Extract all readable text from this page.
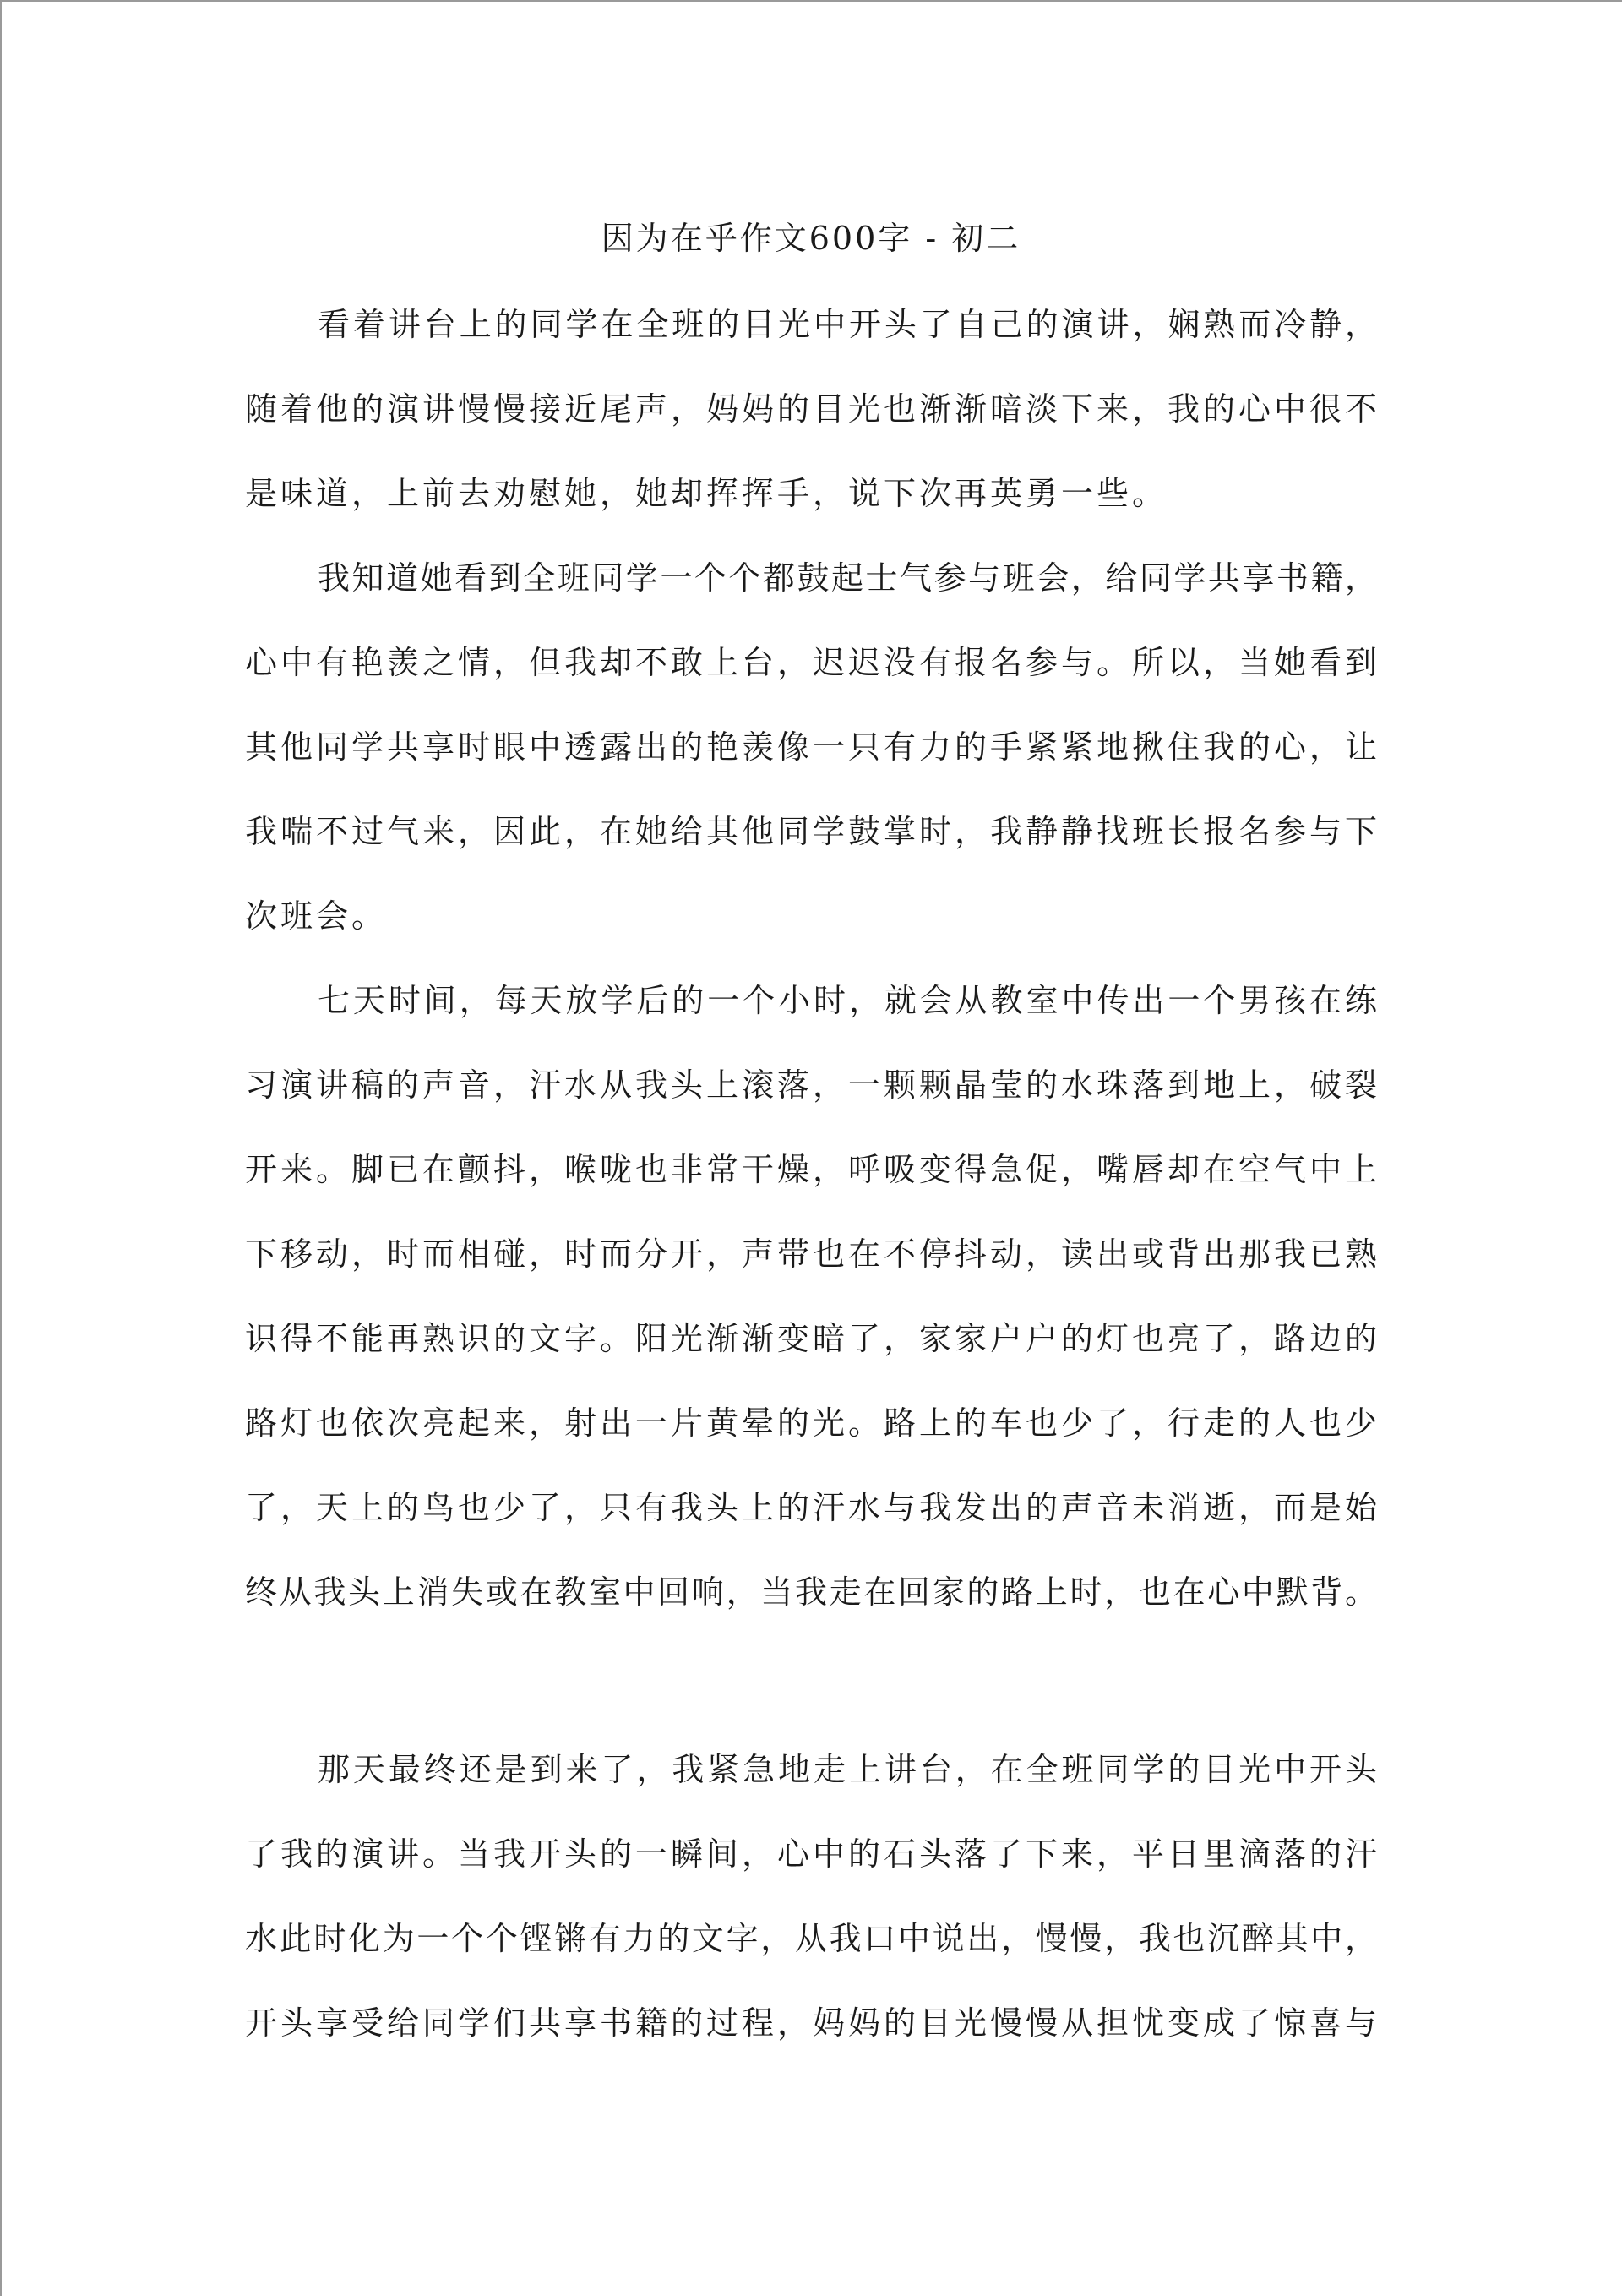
因为在乎作文600字 - 初二
看着讲台上的同学在全班的目光中开头了自己的演讲，娴熟而冷静，
随着他的演讲慢慢接近尾声，妈妈的目光也渐渐暗淡下来，我的心中很不
是味道，上前去劝慰她，她却挥挥手，说下次再英勇一些。
我知道她看到全班同学一个个都鼓起士气参与班会，给同学共享书籍，
心中有艳羡之情，但我却不敢上台，迟迟没有报名参与。所以，当她看到
其他同学共享时眼中透露出的艳羡像一只有力的手紧紧地揪住我的心，让
我喘不过气来，因此，在她给其他同学鼓掌时，我静静找班长报名参与下
次班会。
七天时间，每天放学后的一个小时，就会从教室中传出一个男孩在练
习演讲稿的声音，汗水从我头上滚落，一颗颗晶莹的水珠落到地上，破裂
开来。脚已在颤抖，喉咙也非常干燥，呼吸变得急促，嘴唇却在空气中上
下移动，时而相碰，时而分开，声带也在不停抖动，读出或背出那我已熟
识得不能再熟识的文字。阳光渐渐变暗了，家家户户的灯也亮了，路边的
路灯也依次亮起来，射出一片黄晕的光。路上的车也少了，行走的人也少
了，天上的鸟也少了，只有我头上的汗水与我发出的声音未消逝，而是始
终从我头上消失或在教室中回响，当我走在回家的路上时，也在心中默背。
那天最终还是到来了，我紧急地走上讲台，在全班同学的目光中开头
了我的演讲。当我开头的一瞬间，心中的石头落了下来，平日里滴落的汗
水此时化为一个个铿锵有力的文字，从我口中说出，慢慢，我也沉醉其中，
开头享受给同学们共享书籍的过程，妈妈的目光慢慢从担忧变成了惊喜与
